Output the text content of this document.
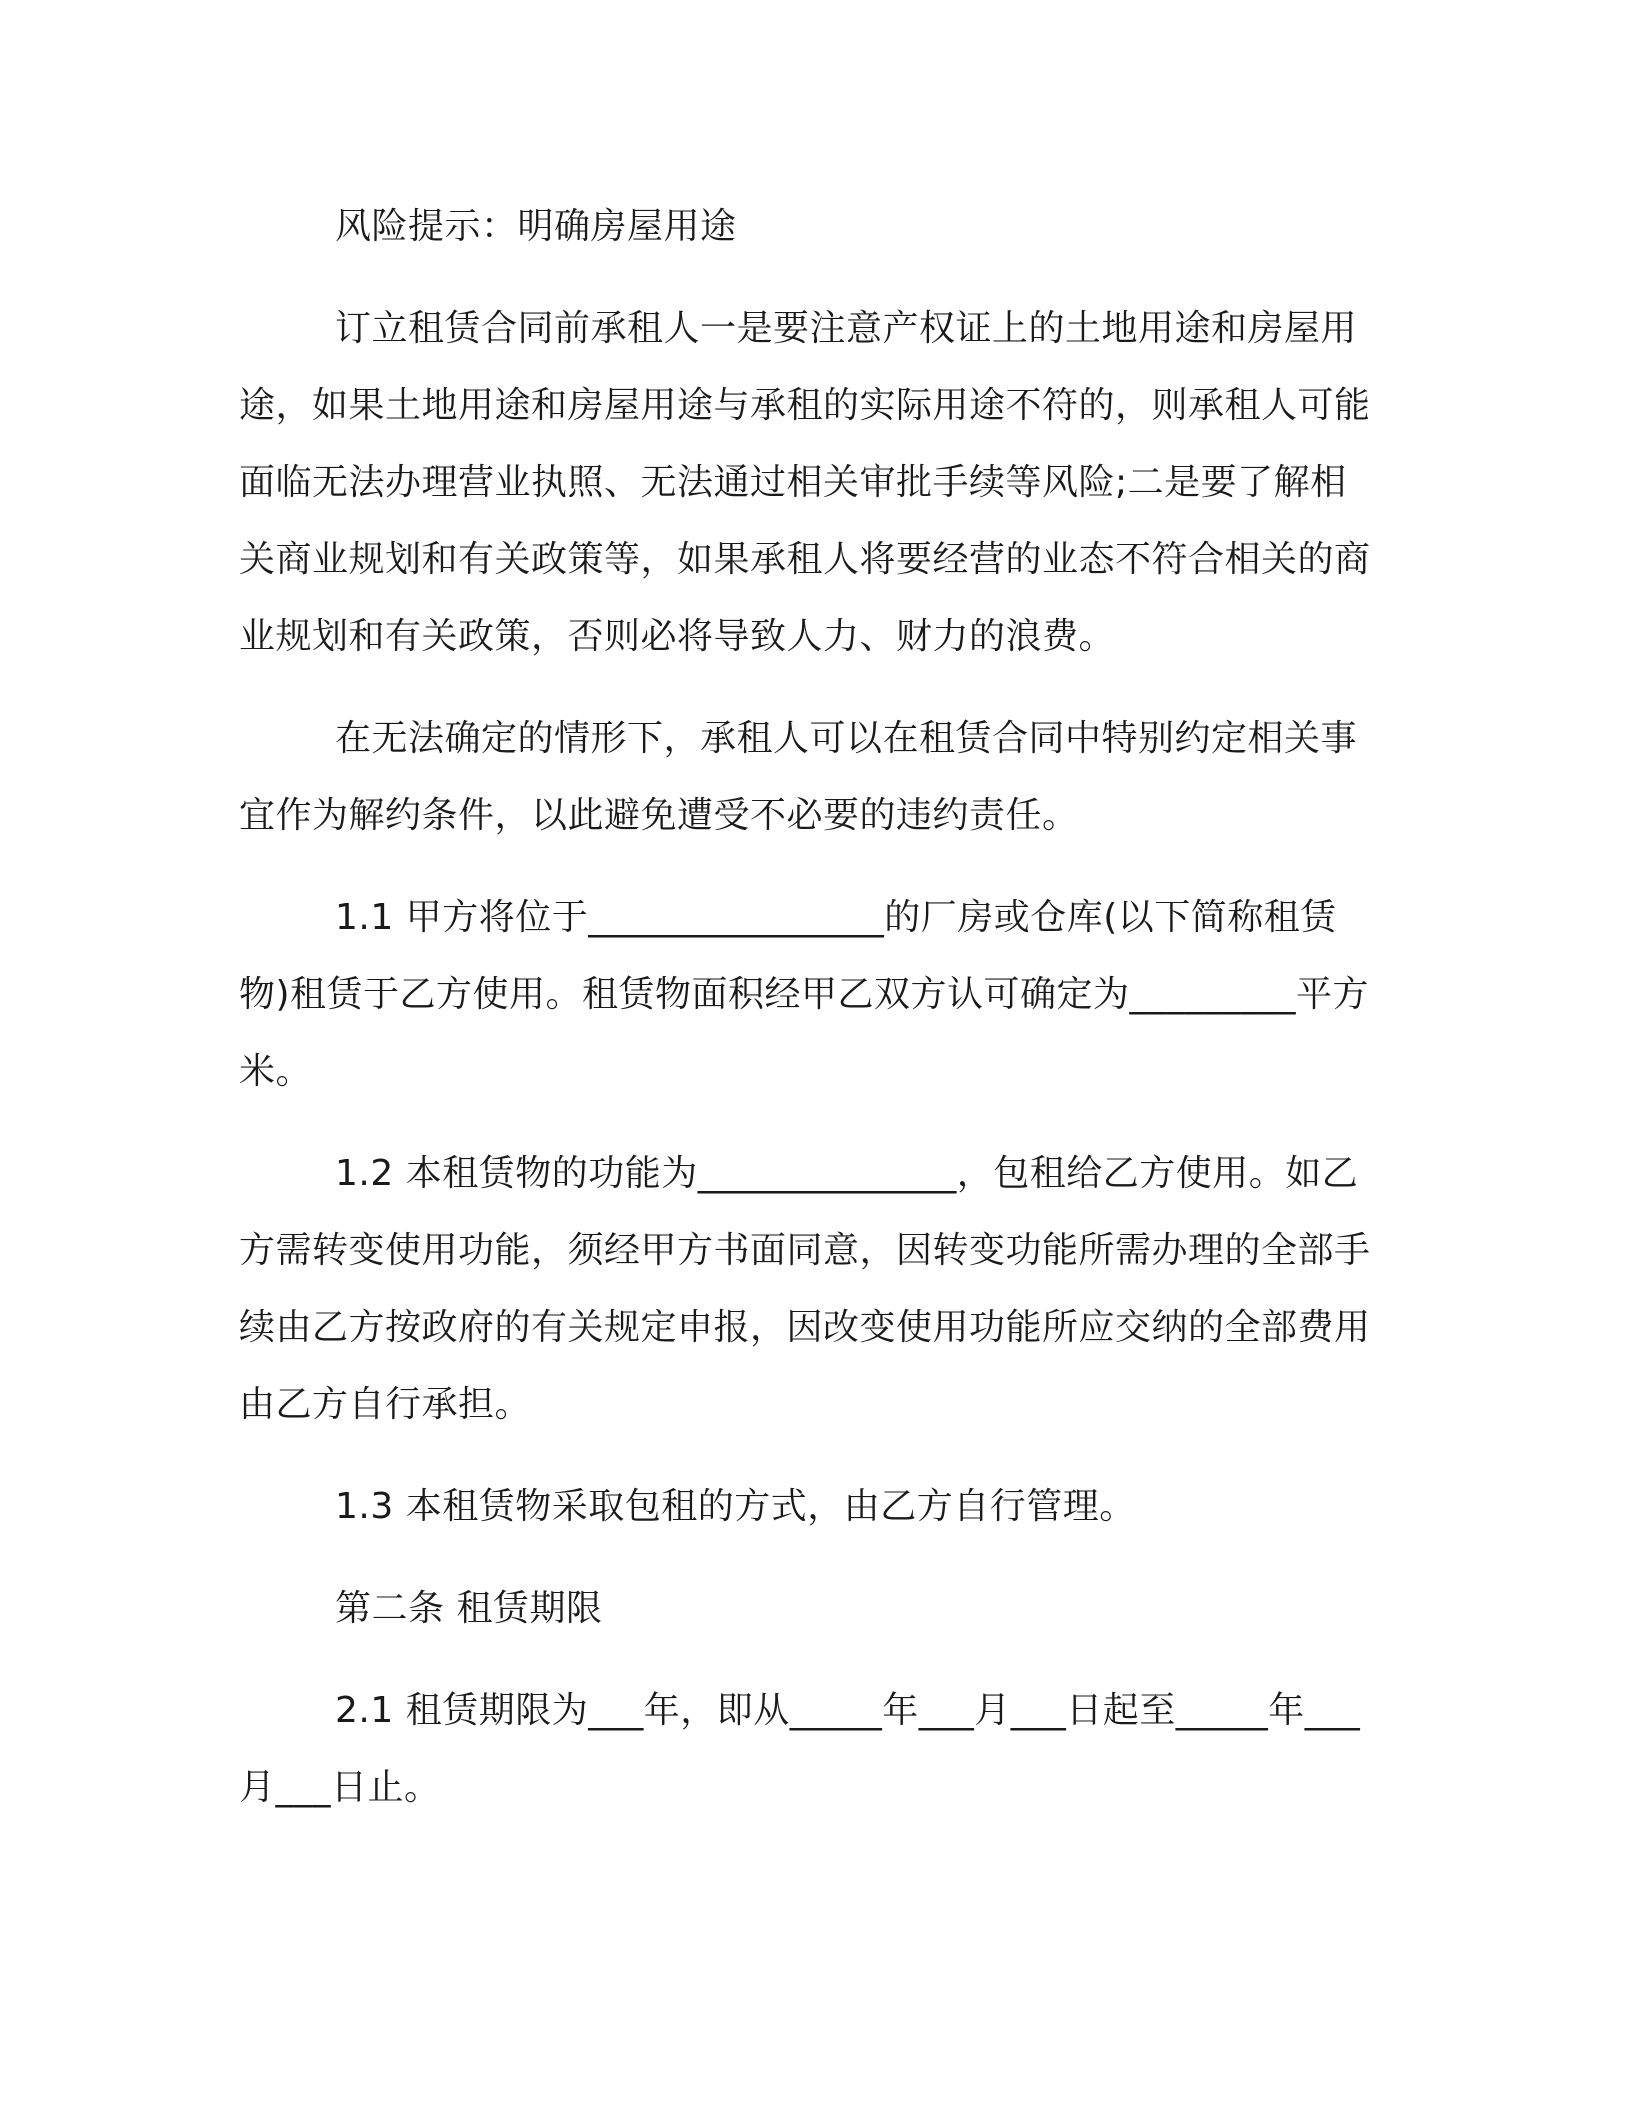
风险提示：明确房屋用途

订立租赁合同前承租人一是要注意产权证上的土地用途和房屋用途，如果土地用途和房屋用途与承租的实际用途不符的，则承租人可能面临无法办理营业执照、无法通过相关审批手续等风险;二是要了解相关商业规划和有关政策等，如果承租人将要经营的业态不符合相关的商业规划和有关政策，否则必将导致人力、财力的浪费。

在无法确定的情形下，承租人可以在租赁合同中特别约定相关事宜作为解约条件，以此避免遭受不必要的违约责任。

1.1 甲方将位于________________的厂房或仓库(以下简称租赁物)租赁于乙方使用。租赁物面积经甲乙双方认可确定为_________平方米。

1.2 本租赁物的功能为______________，包租给乙方使用。如乙方需转变使用功能，须经甲方书面同意，因转变功能所需办理的全部手续由乙方按政府的有关规定申报，因改变使用功能所应交纳的全部费用由乙方自行承担。

1.3 本租赁物采取包租的方式，由乙方自行管理。

第二条 租赁期限

2.1 租赁期限为___年，即从_____年___月___日起至_____年___月___日止。
